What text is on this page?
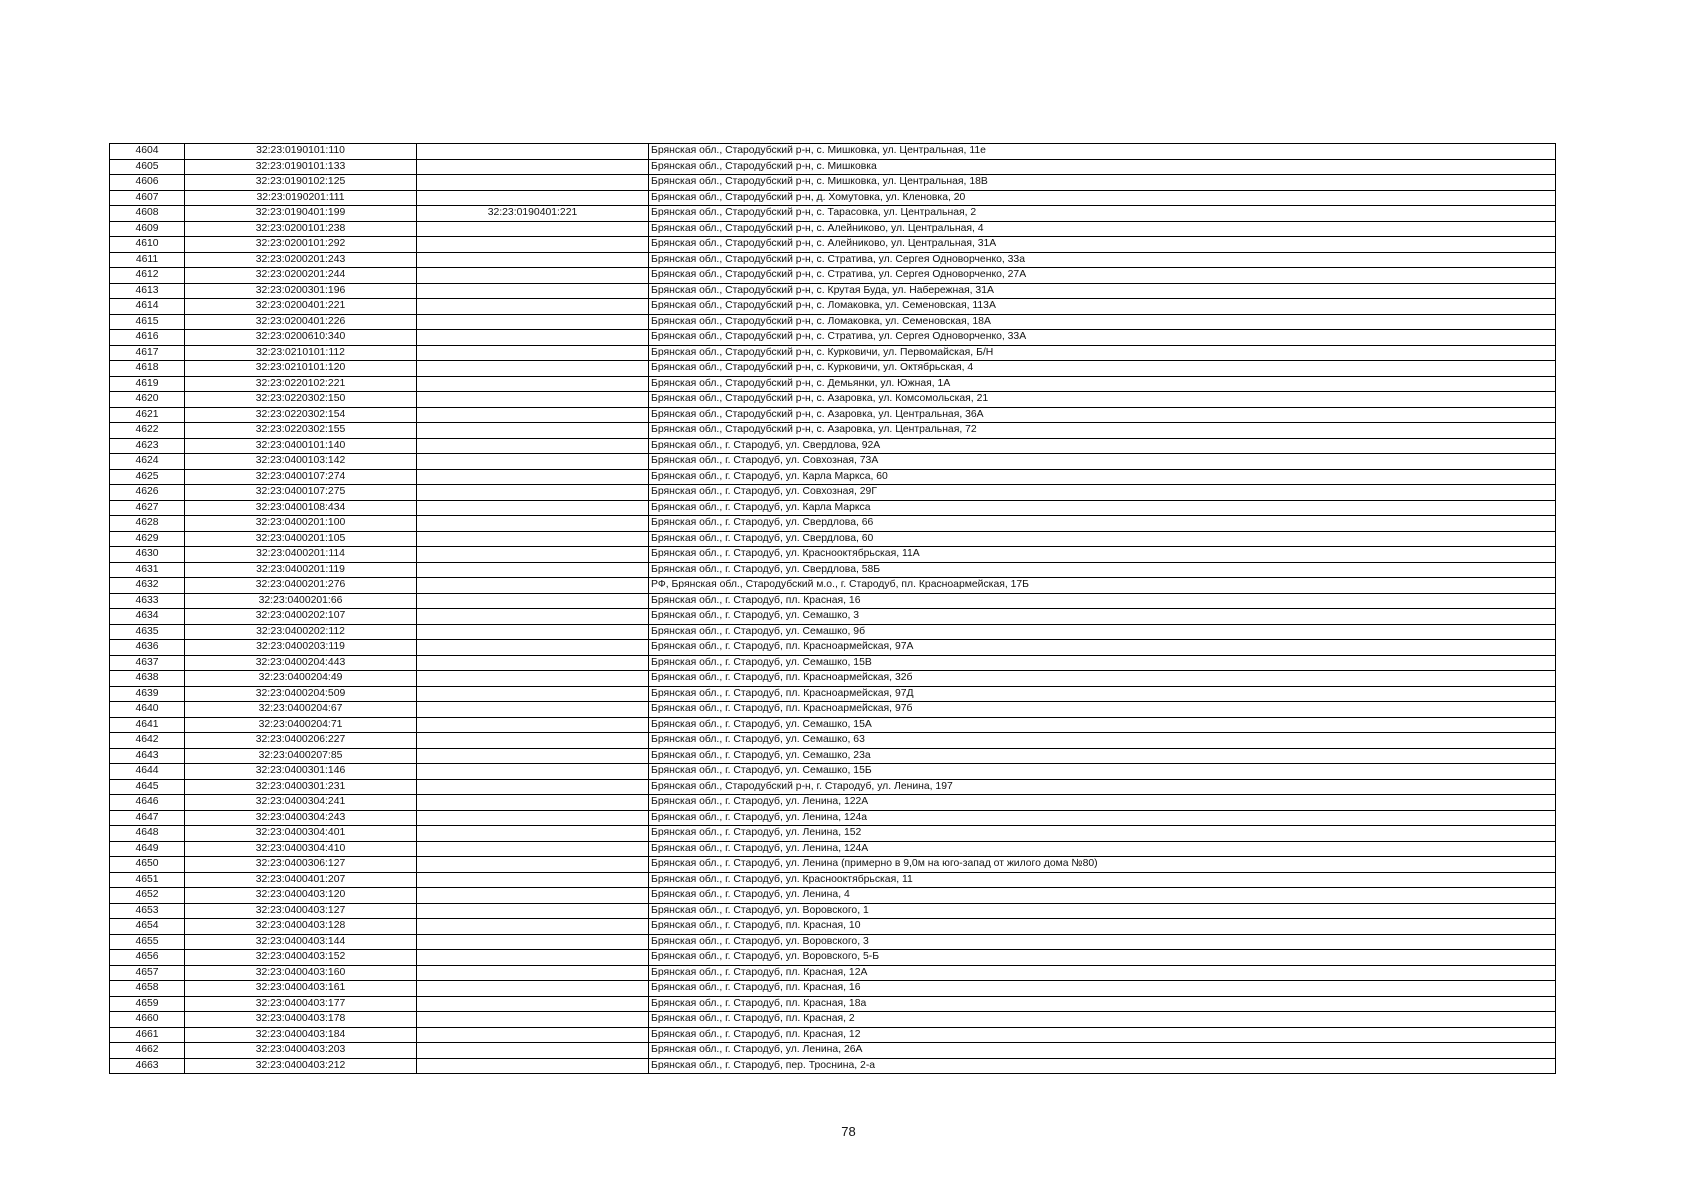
4604	32:23:0190101:110		Брянская обл., Стародубский р-н, с. Мишковка, ул. Центральная, 11е
4605	32:23:0190101:133		Брянская обл., Стародубский р-н, с. Мишковка
4606	32:23:0190102:125		Брянская обл., Стародубский р-н, с. Мишковка, ул. Центральная, 18В
4607	32:23:0190201:111		Брянская обл., Стародубский р-н, д. Хомутовка, ул. Кленовка, 20
4608	32:23:0190401:199	32:23:0190401:221	Брянская обл., Стародубский р-н, с. Тарасовка, ул. Центральная, 2
4609	32:23:0200101:238		Брянская обл., Стародубский р-н, с. Алейниково, ул. Центральная, 4
4610	32:23:0200101:292		Брянская обл., Стародубский р-н, с. Алейниково, ул. Центральная, 31А
4611	32:23:0200201:243		Брянская обл., Стародубский р-н, с. Стратива, ул. Сергея Одноворченко, 33а
4612	32:23:0200201:244		Брянская обл., Стародубский р-н, с. Стратива, ул. Сергея Одноворченко, 27А
4613	32:23:0200301:196		Брянская обл., Стародубский р-н, с. Крутая Буда, ул. Набережная, 31А
4614	32:23:0200401:221		Брянская обл., Стародубский р-н, с. Ломаковка, ул. Семеновская, 113А
4615	32:23:0200401:226		Брянская обл., Стародубский р-н, с. Ломаковка, ул. Семеновская, 18А
4616	32:23:0200610:340		Брянская обл., Стародубский р-н, с. Стратива, ул. Сергея Одноворченко, 33А
4617	32:23:0210101:112		Брянская обл., Стародубский р-н, с. Курковичи, ул. Первомайская, Б/Н
4618	32:23:0210101:120		Брянская обл., Стародубский р-н, с. Курковичи, ул. Октябрьская, 4
4619	32:23:0220102:221		Брянская обл., Стародубский р-н, с. Демьянки, ул. Южная, 1А
4620	32:23:0220302:150		Брянская обл., Стародубский р-н, с. Азаровка, ул. Комсомольская, 21
4621	32:23:0220302:154		Брянская обл., Стародубский р-н, с. Азаровка, ул. Центральная, 36А
4622	32:23:0220302:155		Брянская обл., Стародубский р-н, с. Азаровка, ул. Центральная, 72
4623	32:23:0400101:140		Брянская обл., г. Стародуб, ул. Свердлова, 92А
4624	32:23:0400103:142		Брянская обл., г. Стародуб, ул. Совхозная, 73А
4625	32:23:0400107:274		Брянская обл., г. Стародуб, ул. Карла Маркса, 60
4626	32:23:0400107:275		Брянская обл., г. Стародуб, ул. Совхозная, 29Г
4627	32:23:0400108:434		Брянская обл., г. Стародуб, ул. Карла Маркса
4628	32:23:0400201:100		Брянская обл., г. Стародуб, ул. Свердлова, 66
4629	32:23:0400201:105		Брянская обл., г. Стародуб, ул. Свердлова, 60
4630	32:23:0400201:114		Брянская обл., г. Стародуб, ул. Краснооктябрьская, 11А
4631	32:23:0400201:119		Брянская обл., г. Стародуб, ул. Свердлова, 58Б
4632	32:23:0400201:276		РФ, Брянская обл., Стародубский м.о., г. Стародуб, пл. Красноармейская, 17Б
4633	32:23:0400201:66		Брянская обл., г. Стародуб, пл. Красная, 16
4634	32:23:0400202:107		Брянская обл., г. Стародуб, ул. Семашко, 3
4635	32:23:0400202:112		Брянская обл., г. Стародуб, ул. Семашко, 9б
4636	32:23:0400203:119		Брянская обл., г. Стародуб, пл. Красноармейская, 97А
4637	32:23:0400204:443		Брянская обл., г. Стародуб, ул. Семашко, 15В
4638	32:23:0400204:49		Брянская обл., г. Стародуб, пл. Красноармейская, 32б
4639	32:23:0400204:509		Брянская обл., г. Стародуб, пл. Красноармейская, 97Д
4640	32:23:0400204:67		Брянская обл., г. Стародуб, пл. Красноармейская, 97б
4641	32:23:0400204:71		Брянская обл., г. Стародуб, ул. Семашко, 15А
4642	32:23:0400206:227		Брянская обл., г. Стародуб, ул. Семашко, 63
4643	32:23:0400207:85		Брянская обл., г. Стародуб, ул. Семашко, 23а
4644	32:23:0400301:146		Брянская обл., г. Стародуб, ул. Семашко, 15Б
4645	32:23:0400301:231		Брянская обл., Стародубский р-н, г. Стародуб, ул. Ленина, 197
4646	32:23:0400304:241		Брянская обл., г. Стародуб, ул. Ленина, 122А
4647	32:23:0400304:243		Брянская обл., г. Стародуб, ул. Ленина, 124а
4648	32:23:0400304:401		Брянская обл., г. Стародуб, ул. Ленина, 152
4649	32:23:0400304:410		Брянская обл., г. Стародуб, ул. Ленина, 124А
4650	32:23:0400306:127		Брянская обл., г. Стародуб, ул. Ленина (примерно в 9,0м на юго-запад от жилого дома №80)
4651	32:23:0400401:207		Брянская обл., г. Стародуб, ул. Краснооктябрьская, 11
4652	32:23:0400403:120		Брянская обл., г. Стародуб, ул. Ленина, 4
4653	32:23:0400403:127		Брянская обл., г. Стародуб, ул. Воровского, 1
4654	32:23:0400403:128		Брянская обл., г. Стародуб, пл. Красная, 10
4655	32:23:0400403:144		Брянская обл., г. Стародуб, ул. Воровского, 3
4656	32:23:0400403:152		Брянская обл., г. Стародуб, ул. Воровского, 5-Б
4657	32:23:0400403:160		Брянская обл., г. Стародуб, пл. Красная, 12А
4658	32:23:0400403:161		Брянская обл., г. Стародуб, пл. Красная, 16
4659	32:23:0400403:177		Брянская обл., г. Стародуб, пл. Красная, 18а
4660	32:23:0400403:178		Брянская обл., г. Стародуб, пл. Красная, 2
4661	32:23:0400403:184		Брянская обл., г. Стародуб, пл. Красная, 12
4662	32:23:0400403:203		Брянская обл., г. Стародуб, ул. Ленина, 26А
4663	32:23:0400403:212		Брянская обл., г. Стародуб, пер. Троснина, 2-а
78
